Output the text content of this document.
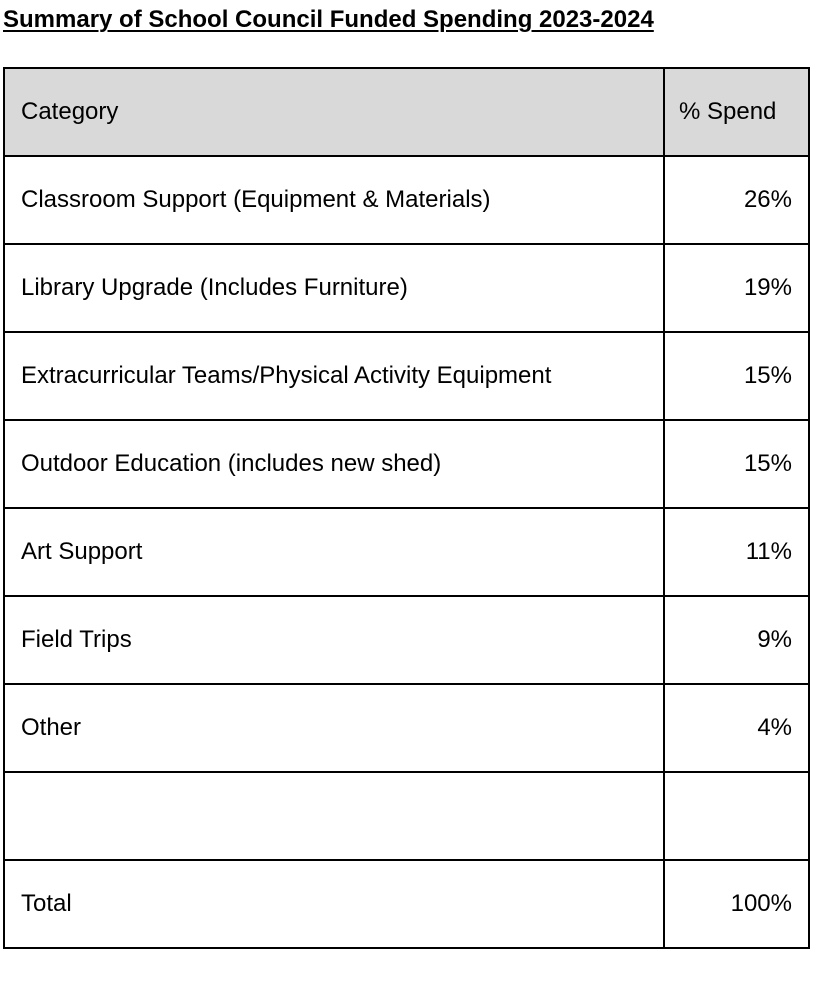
Summary of School Council Funded Spending 2023-2024
Category	% Spend
Classroom Support (Equipment & Materials)	26%
Library Upgrade (Includes Furniture)	19%
Extracurricular Teams/Physical Activity Equipment	15%
Outdoor Education (includes new shed)	15%
Art Support	11%
Field Trips	9%
Other	4%

Total	100%
